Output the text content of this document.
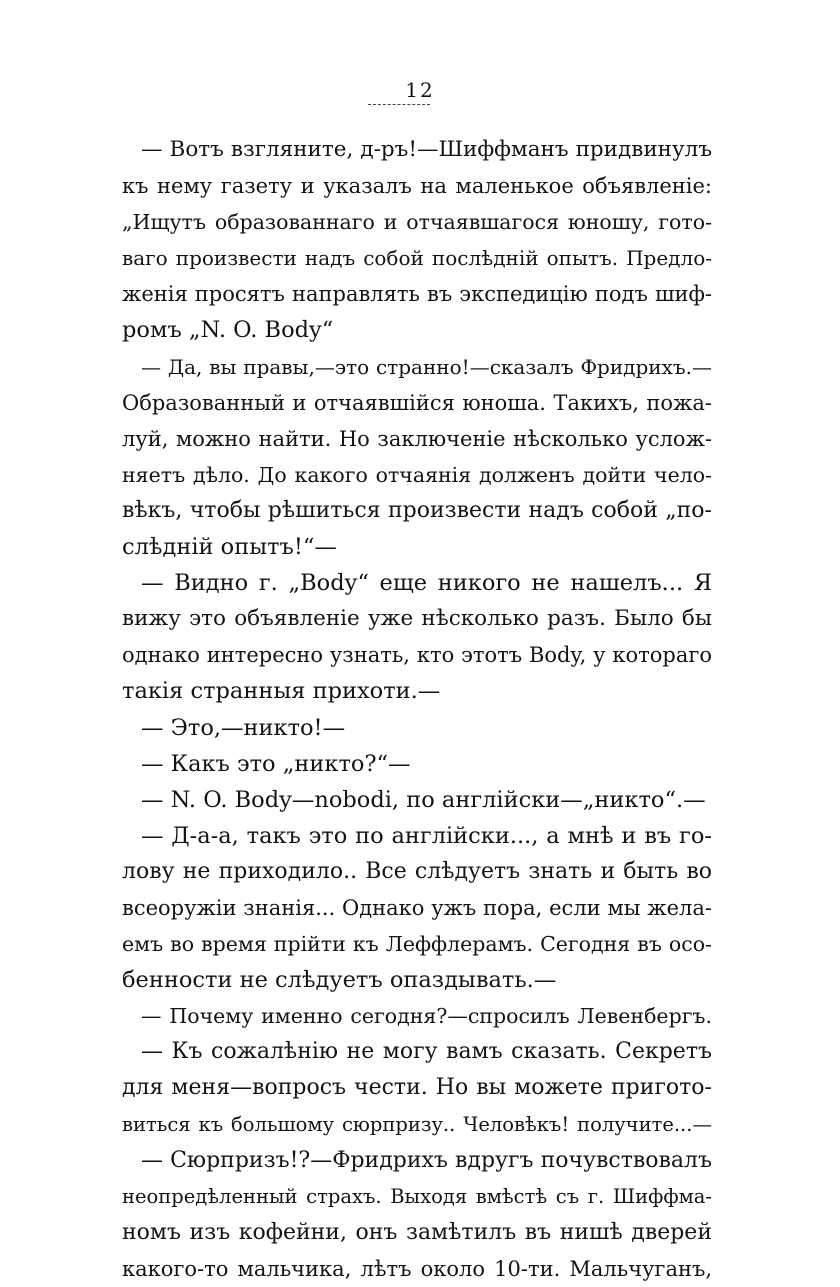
12
— Вотъ взгляните, д-ръ!—Шиффманъ придвинулъ
къ нему газету и указалъ на маленькое объявленіе:
„Ищутъ образованнаго и отчаявшагося юношу, гото-
ваго произвести надъ собой послѣдній опытъ. Предло-
женія просятъ направлять въ экспедицію подъ шиф-
ромъ „N. O. Body“
— Да, вы правы,—это странно!—сказалъ Фридрихъ.—
Образованный и отчаявшійся юноша. Такихъ, пожа-
луй, можно найти. Но заключеніе нѣсколько услож-
няетъ дѣло. До какого отчаянія долженъ дойти чело-
вѣкъ, чтобы рѣшиться произвести надъ собой „по-
слѣдній опытъ!“—
— Видно г. „Body“ еще никого не нашелъ... Я
вижу это объявленіе уже нѣсколько разъ. Было бы
однако интересно узнать, кто этотъ Body, у котораго
такія странныя прихоти.—
— Это,—никто!—
— Какъ это „никто?“—
— N. O. Body—nobodi, по англійски—„никто“.—
— Д-а-а, такъ это по англійски..., а мнѣ и въ го-
лову не приходило.. Все слѣдуетъ знать и быть во
всеоружіи знанія... Однако ужъ пора, если мы жела-
емъ во время прійти къ Леффлерамъ. Сегодня въ осо-
бенности не слѣдуетъ опаздывать.—
— Почему именно сегодня?—спросилъ Левенбергъ.
— Къ сожалѣнію не могу вамъ сказать. Секретъ
для меня—вопросъ чести. Но вы можете пригото-
виться къ большому сюрпризу.. Человѣкъ! получите...—
— Сюрпризъ!?—Фридрихъ вдругъ почувствовалъ
неопредѣленный страхъ. Выходя вмѣстѣ съ г. Шиффма-
номъ изъ кофейни, онъ замѣтилъ въ нишѣ дверей
какого-то мальчика, лѣтъ около 10-ти. Мальчуганъ,
